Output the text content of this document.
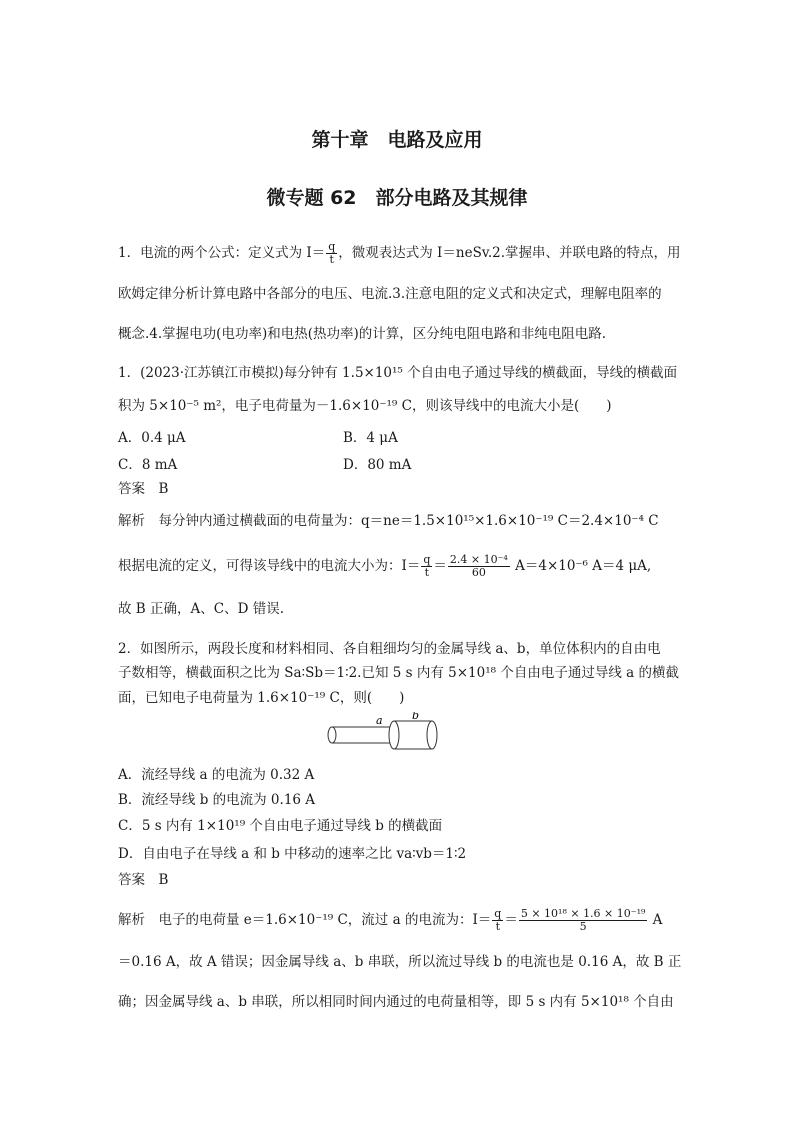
第十章　电路及应用
微专题 62　部分电路及其规律
1．电流的两个公式：定义式为 $I= \frac{q}{t}$ ，微观表达式为 I＝neSv.2.掌握串、并联电路的特点，用
欧姆定律分析计算电路中各部分的电压、电流.3.注意电阻的定义式和决定式，理解电阻率的
概念.4.掌握电功(电功率)和电热(热功率)的计算，区分纯电阻电路和非纯电阻电路.
1．(2023·江苏镇江市模拟)每分钟有 1.5×10¹⁵ 个自由电子通过导线的横截面，导线的横截面
积为 5×10⁻⁵ m²，电子电荷量为－1.6×10⁻¹⁹ C，则该导线中的电流大小是(　　)
A．0.4 μA	B．4 μA
C．8 mA	D．80 mA
答案　B
解析　每分钟内通过横截面的电荷量为：q＝ne＝1.5×10¹⁵×1.6×10⁻¹⁹ C＝2.4×10⁻⁴ C
根据电流的定义，可得该导线中的电流大小为：$I= \frac{q}{t} = \frac{\text{2.4 × 10⁻⁴}}{60} A=4\times 10^{-6}$ A＝4 μA,
故 B 正确，A、C、D 错误.
2．如图所示，两段长度和材料相同、各自粗细均匀的金属导线 a、b，单位体积内的自由电
子数相等，横截面积之比为 Sa∶Sb＝1∶2.已知 5 s 内有 5×10¹⁸ 个自由电子通过导线 a 的横截
面，已知电子电荷量为 1.6×10⁻¹⁹ C，则(　　)
a	b
A．流经导线 a 的电流为 0.32 A
B．流经导线 b 的电流为 0.16 A
C．5 s 内有 1×10¹⁹ 个自由电子通过导线 b 的横截面
D．自由电子在导线 a 和 b 中移动的速率之比 va∶vb＝1∶2
答案　B
解析　电子的电荷量 e＝1.6×10⁻¹⁹ C，流过 a 的电流为：$I= \frac{q}{t} = \frac{\text{5 × 10¹⁸ × 1.6 × 10⁻¹⁹}}{5}$ A
＝0.16 A，故 A 错误；因金属导线 a、b 串联，所以流过导线 b 的电流也是 0.16 A，故 B 正
确；因金属导线 a、b 串联，所以相同时间内通过的电荷量相等，即 5 s 内有 5×10¹⁸ 个自由
